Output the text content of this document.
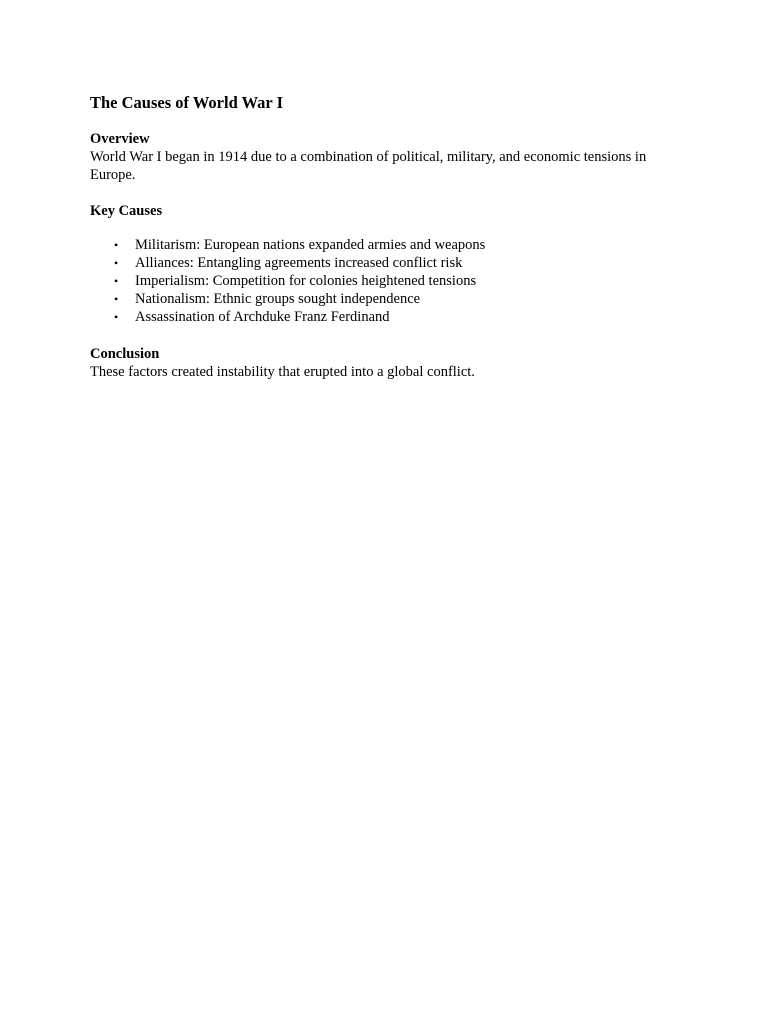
The Causes of World War I
Overview

World War I began in 1914 due to a combination of political, military, and economic tensions in Europe.

Key Causes
• Militarism: European nations expanded armies and weapons
• Alliances: Entangling agreements increased conflict risk
• Imperialism: Competition for colonies heightened tensions
• Nationalism: Ethnic groups sought independence
• Assassination of Archduke Franz Ferdinand
Conclusion

These factors created instability that erupted into a global conflict.
